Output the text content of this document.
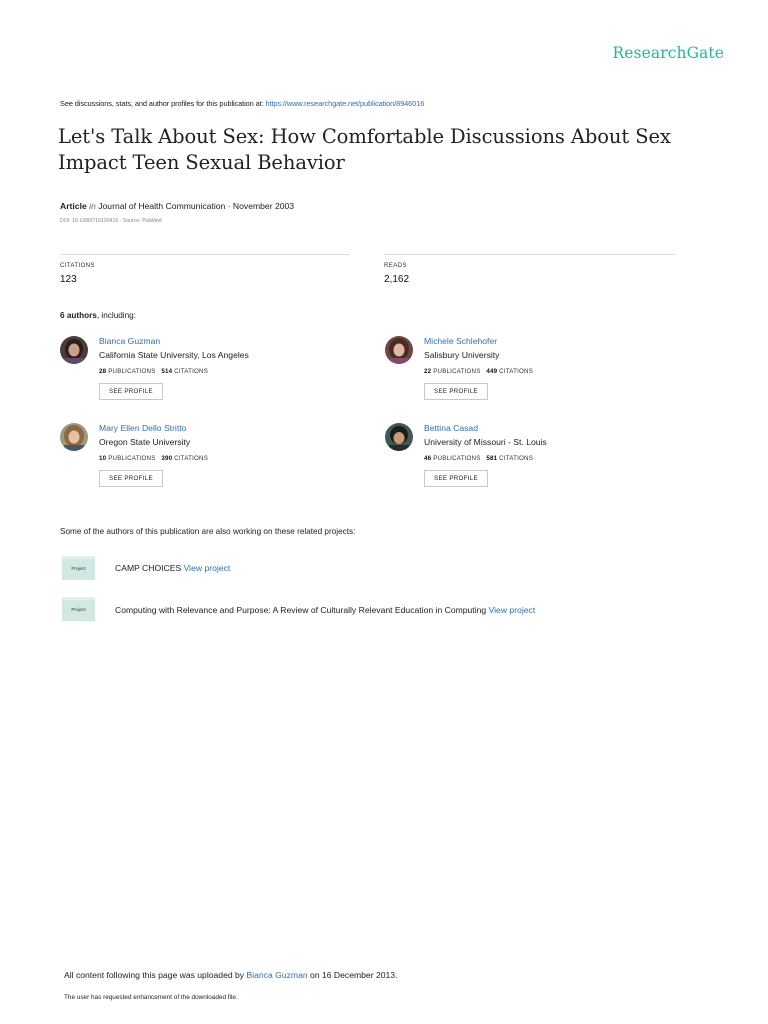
ResearchGate
See discussions, stats, and author profiles for this publication at: https://www.researchgate.net/publication/8946016
Let's Talk About Sex: How Comfortable Discussions About Sex Impact Teen Sexual Behavior
Article in Journal of Health Communication · November 2003
DOI: 10.1080/716100416 · Source: PubMed
CITATIONS
123
READS
2,162
6 authors, including:
Bianca Guzman
California State University, Los Angeles
28 PUBLICATIONS 514 CITATIONS
SEE PROFILE
Michele Schlehofer
Salisbury University
22 PUBLICATIONS 449 CITATIONS
SEE PROFILE
Mary Ellen Dello Stritto
Oregon State University
10 PUBLICATIONS 390 CITATIONS
SEE PROFILE
Bettina Casad
University of Missouri - St. Louis
46 PUBLICATIONS 581 CITATIONS
SEE PROFILE
Some of the authors of this publication are also working on these related projects:
Project	CAMP CHOICES View project
Project	Computing with Relevance and Purpose: A Review of Culturally Relevant Education in Computing View project
All content following this page was uploaded by Bianca Guzman on 16 December 2013.
The user has requested enhancement of the downloaded file.
